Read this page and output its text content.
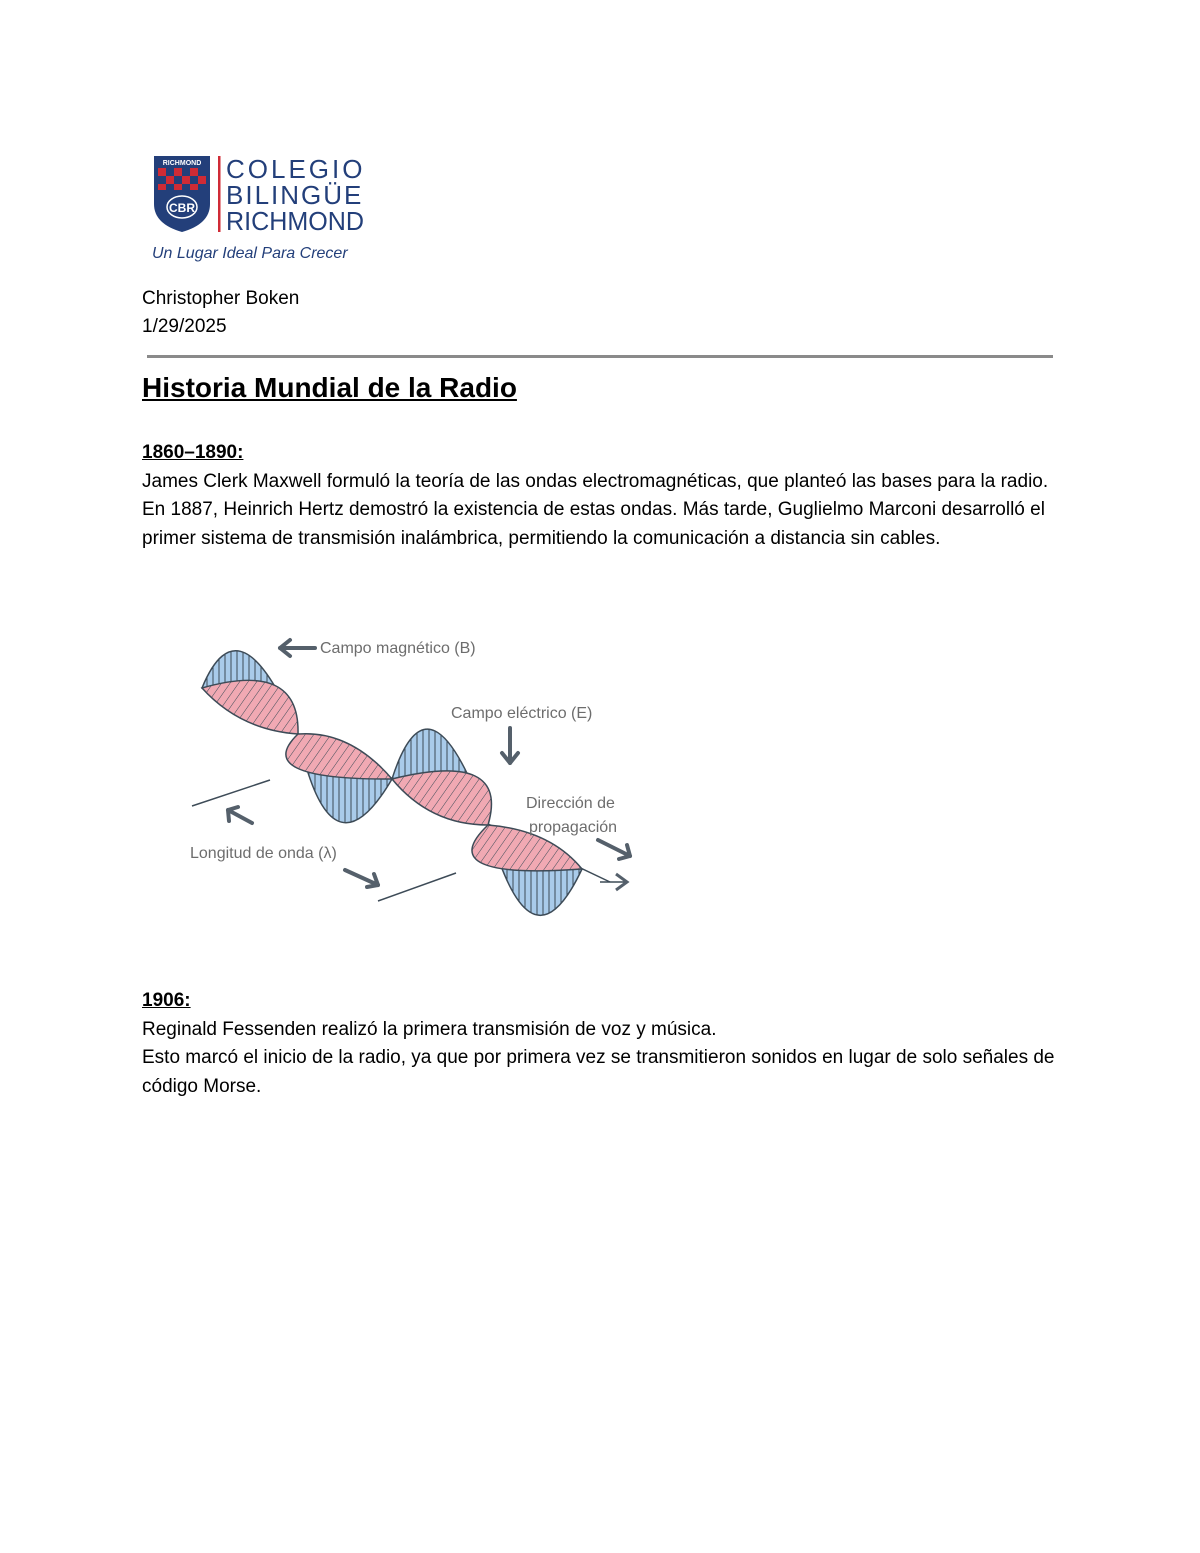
RICHMOND
CBR
COLEGIO
BILINGÜE
RICHMOND
Un Lugar Ideal Para Crecer
Christopher Boken
1/29/2025
Historia Mundial de la Radio
1860–1890:

James Clerk Maxwell formuló la teoría de las ondas electromagnéticas, que planteó las bases para la radio. En 1887, Heinrich Hertz demostró la existencia de estas ondas. Más tarde, Guglielmo Marconi desarrolló el primer sistema de transmisión inalámbrica, permitiendo la comunicación a distancia sin cables.

Campo magnético (B)
Campo eléctrico (E)
Dirección de
propagación
Longitud de onda (λ)
1906:

Reginald Fessenden realizó la primera transmisión de voz y música.

Esto marcó el inicio de la radio, ya que por primera vez se transmitieron sonidos en lugar de solo señales de código Morse.
